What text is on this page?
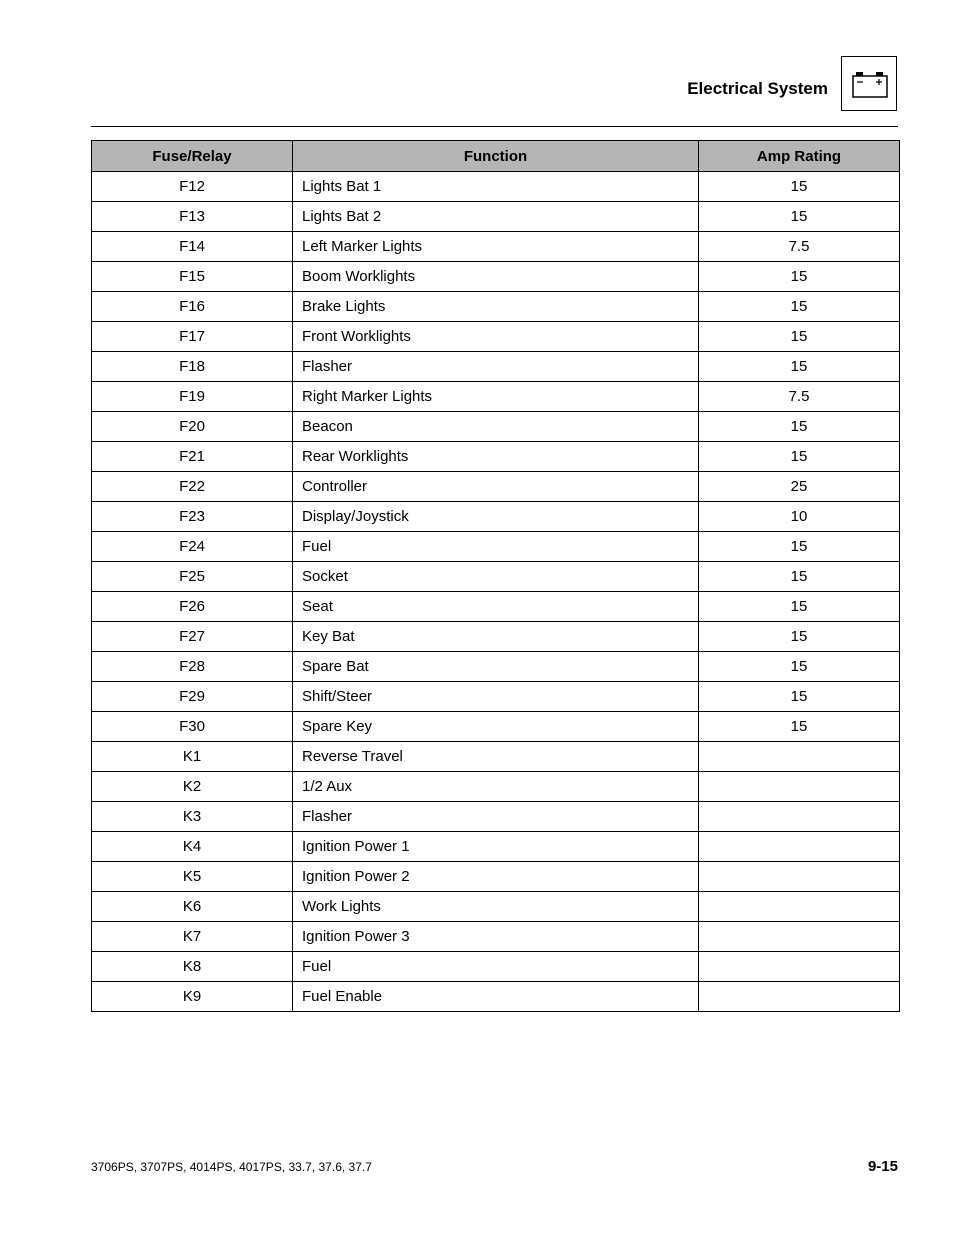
Electrical System
Fuse/Relay	Function	Amp Rating
F12	Lights Bat 1	15
F13	Lights Bat 2	15
F14	Left Marker Lights	7.5
F15	Boom Worklights	15
F16	Brake Lights	15
F17	Front Worklights	15
F18	Flasher	15
F19	Right Marker Lights	7.5
F20	Beacon	15
F21	Rear Worklights	15
F22	Controller	25
F23	Display/Joystick	10
F24	Fuel	15
F25	Socket	15
F26	Seat	15
F27	Key Bat	15
F28	Spare Bat	15
F29	Shift/Steer	15
F30	Spare Key	15
K1	Reverse Travel	
K2	1/2 Aux	
K3	Flasher	
K4	Ignition Power 1	
K5	Ignition Power 2	
K6	Work Lights	
K7	Ignition Power 3	
K8	Fuel	
K9	Fuel Enable	
3706PS, 3707PS, 4014PS, 4017PS, 33.7, 37.6, 37.7	9-15
